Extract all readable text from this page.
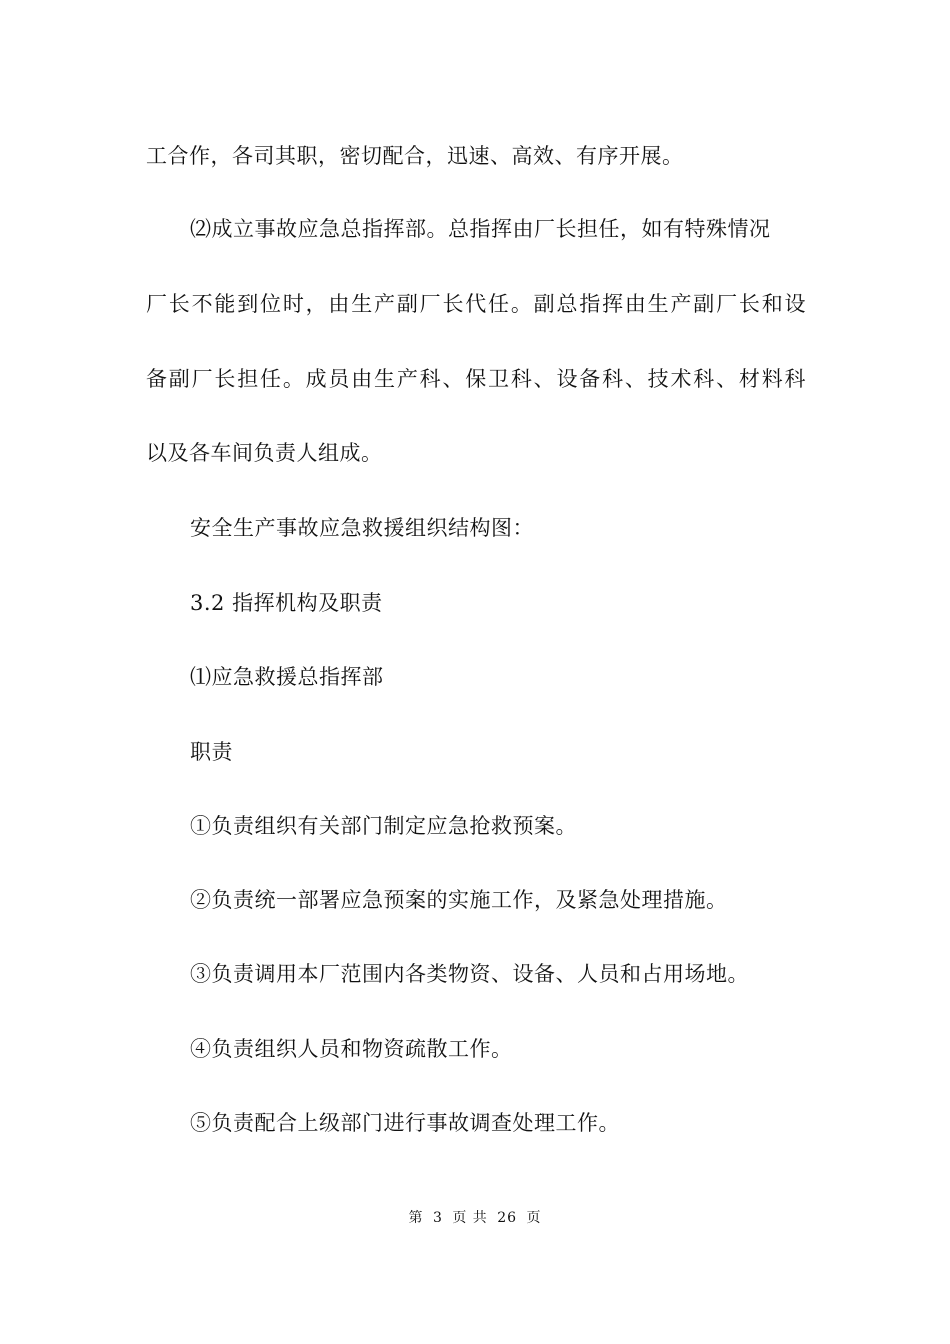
工合作，各司其职，密切配合，迅速、高效、有序开展。
⑵成立事故应急总指挥部。总指挥由厂长担任，如有特殊情况
厂长不能到位时，由生产副厂长代任。副总指挥由生产副厂长和设
备副厂长担任。成员由生产科、保卫科、设备科、技术科、材料科
以及各车间负责人组成。
安全生产事故应急救援组织结构图：
3.2 指挥机构及职责
⑴应急救援总指挥部
职责
①负责组织有关部门制定应急抢救预案。
②负责统一部署应急预案的实施工作，及紧急处理措施。
③负责调用本厂范围内各类物资、设备、人员和占用场地。
④负责组织人员和物资疏散工作。
⑤负责配合上级部门进行事故调查处理工作。
第 3 页 共 26 页
